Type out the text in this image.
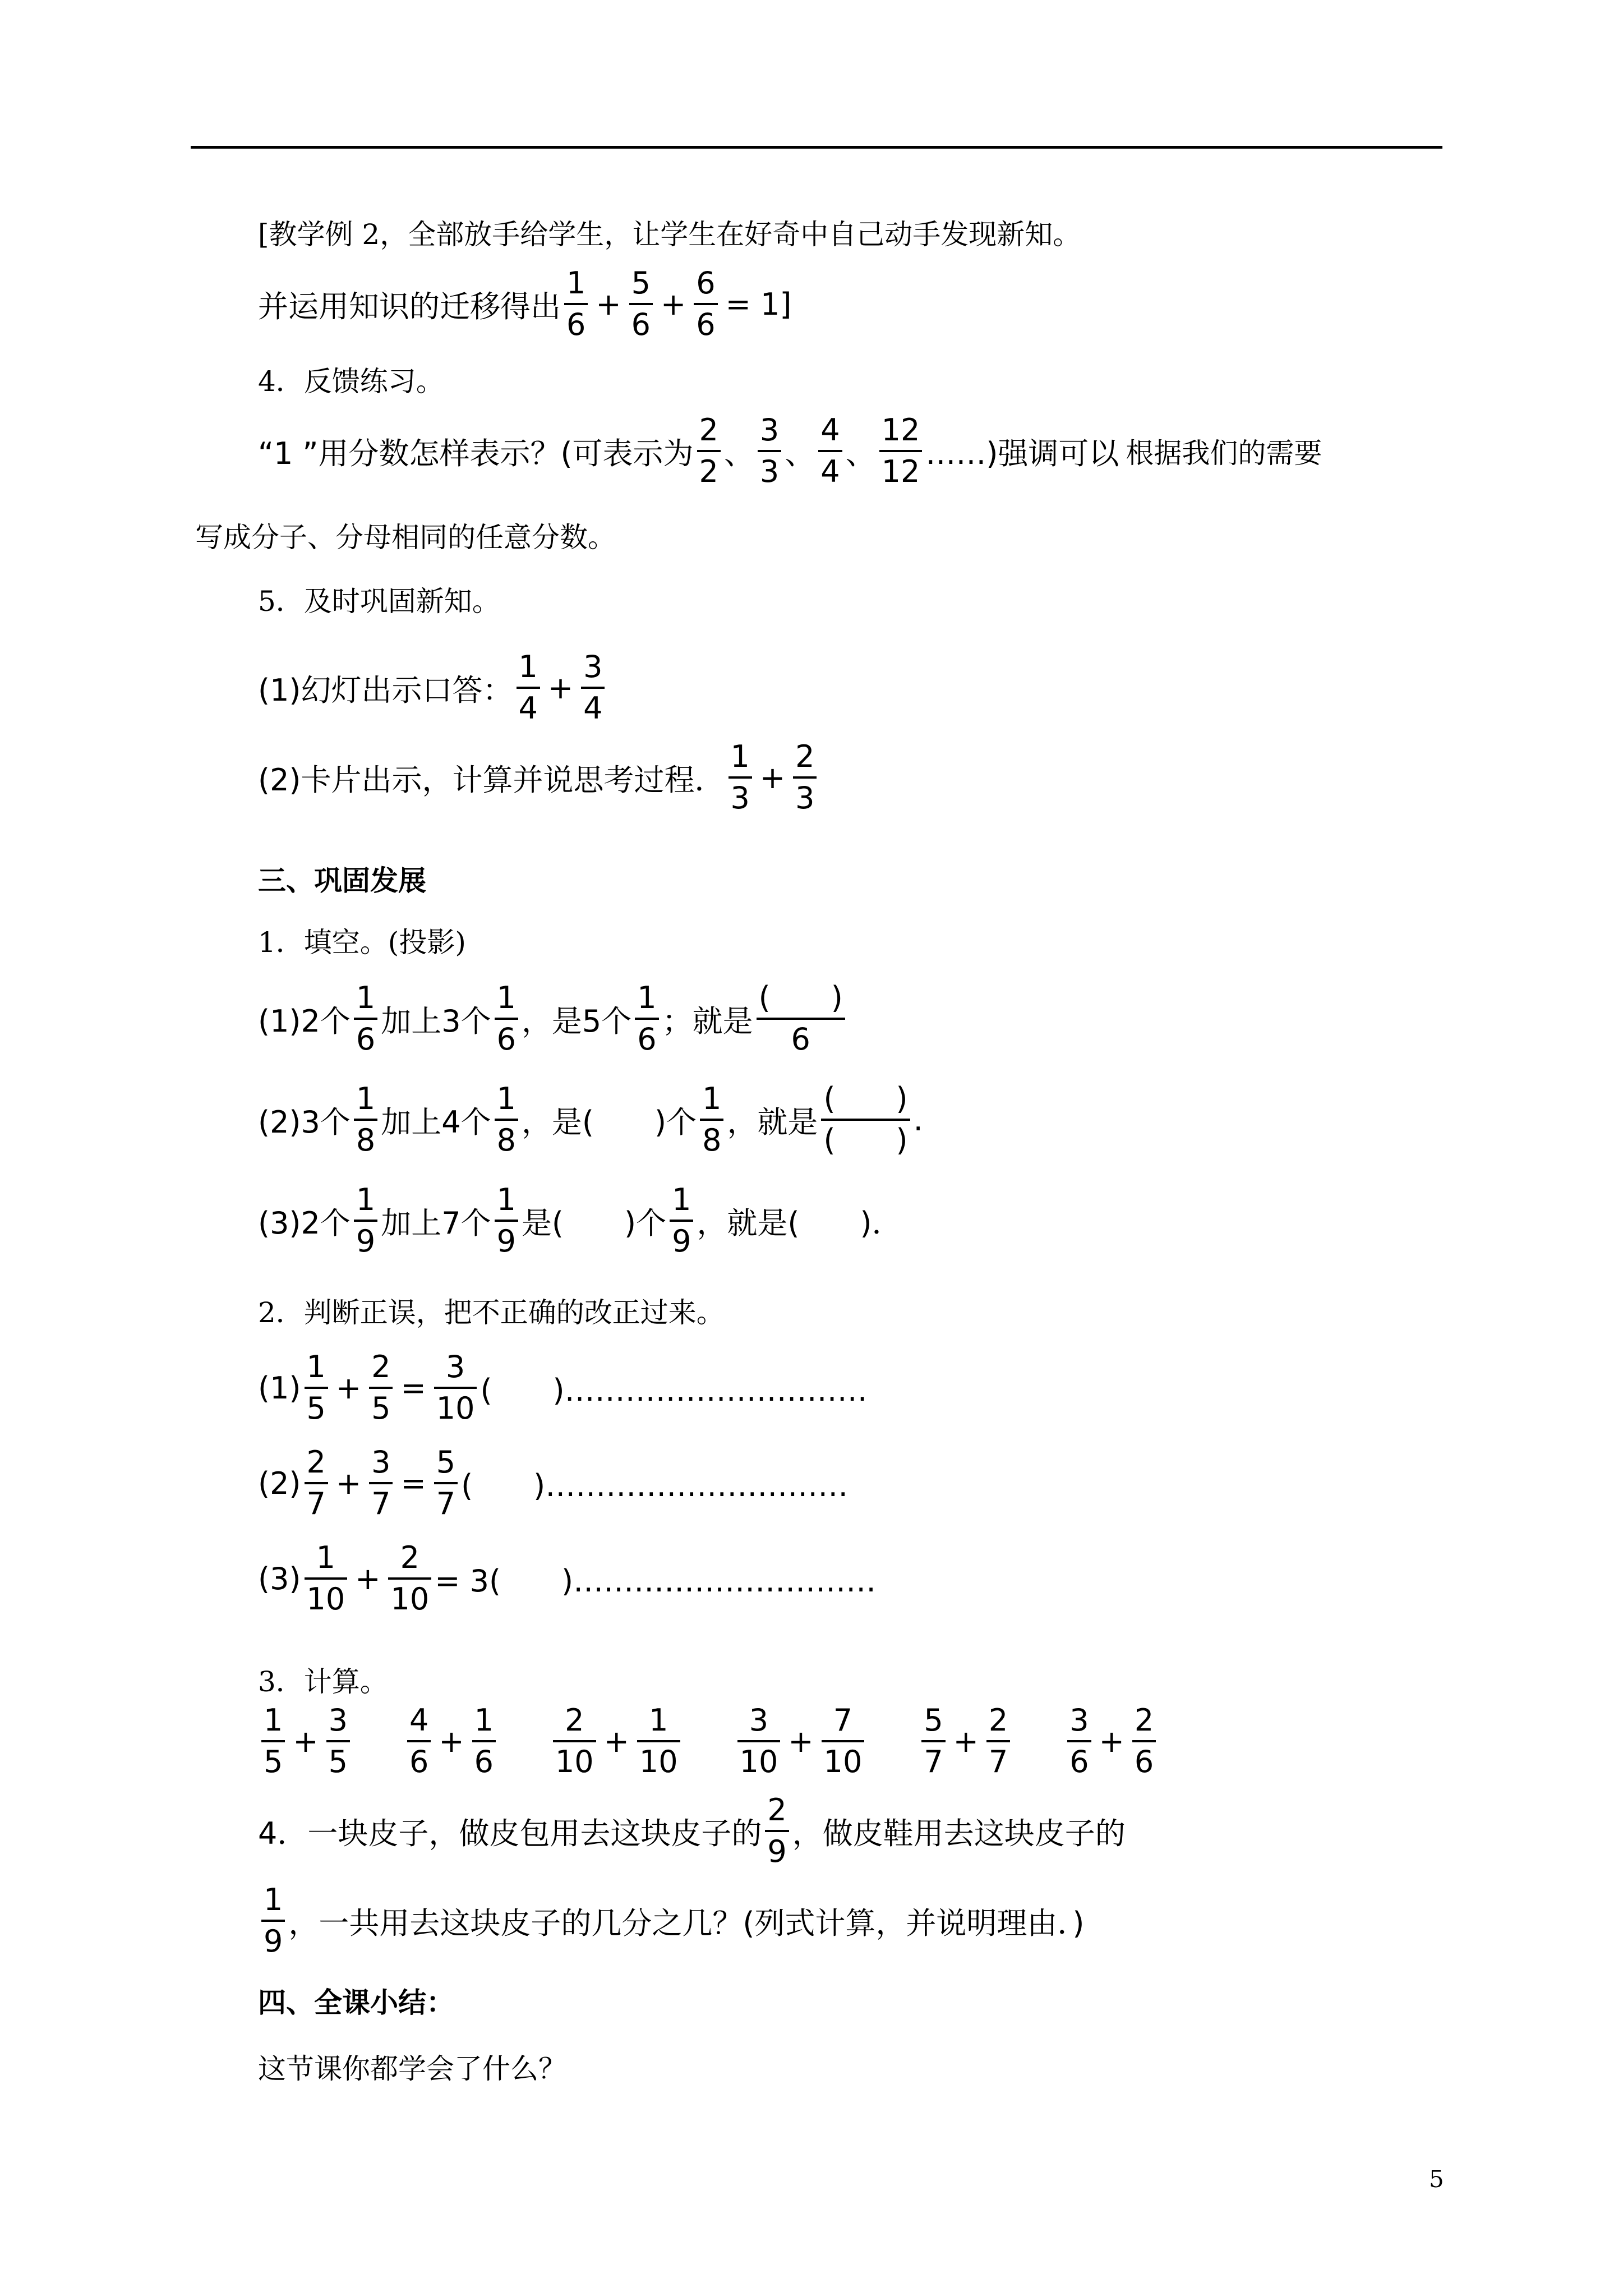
[教学例 2，全部放手给学生，让学生在好奇中自己动手发现新知。
并运用知识的迁移得出 $\frac{1}{6} + \frac{5}{6} + \frac{6}{6} = 1$]
4．反馈练习。
“1 ”用分数怎样表示？(可表示为 $\frac{2}{2}$ 、 $\frac{3}{3}$ 、 $\frac{4}{4}$ 、 $\frac{12}{12}$ ……)强调可以 根据我们的需要
写成分子、分母相同的任意分数。
5．及时巩固新知。
(1)幻灯出示口答： $\frac{1}{4} + \frac{3}{4}$
(2)卡片出示，计算并说思考过程． $\frac{1}{3} + \frac{2}{3}$
三、巩固发展
1．填空。(投影)
(1)2个 $\frac{1}{6}$ 加上3个 $\frac{1}{6}$ ，是5个 $\frac{1}{6}$ ；就是 $\frac{( )}{6}$
(2)3个 $\frac{1}{8}$ 加上4个 $\frac{1}{8}$ ，是(　　)个 $\frac{1}{8}$ ，就是 $\frac{( )}{( )}$ .
(3)2个 $\frac{1}{9}$ 加上7个 $\frac{1}{9}$ 是(　　)个 $\frac{1}{9}$ ，就是(　　)．
2．判断正误，把不正确的改正过来。
$(1) \frac{1}{5} + \frac{2}{5} = \frac{3}{10}$ (　　)…………………………
$(2) \frac{2}{7} + \frac{3}{7} = \frac{5}{7}$ (　　)…………………………
$(3) \frac{1}{10} + \frac{2}{10} = 3$(　　)…………………………
3．计算。
$\frac{1}{5} + \frac{3}{5} \frac{4}{6} + \frac{1}{6} \frac{2}{10} + \frac{1}{10} \frac{3}{10} + \frac{7}{10} \frac{5}{7} + \frac{2}{7} \frac{3}{6} + \frac{2}{6}$
4．一块皮子，做皮包用去这块皮子的 $\frac{2}{9}$ ，做皮鞋用去这块皮子的
$\frac{1}{9}$ ，一共用去这块皮子的几分之几？(列式计算，并说明理由．)
四、全课小结：
这节课你都学会了什么？
5
